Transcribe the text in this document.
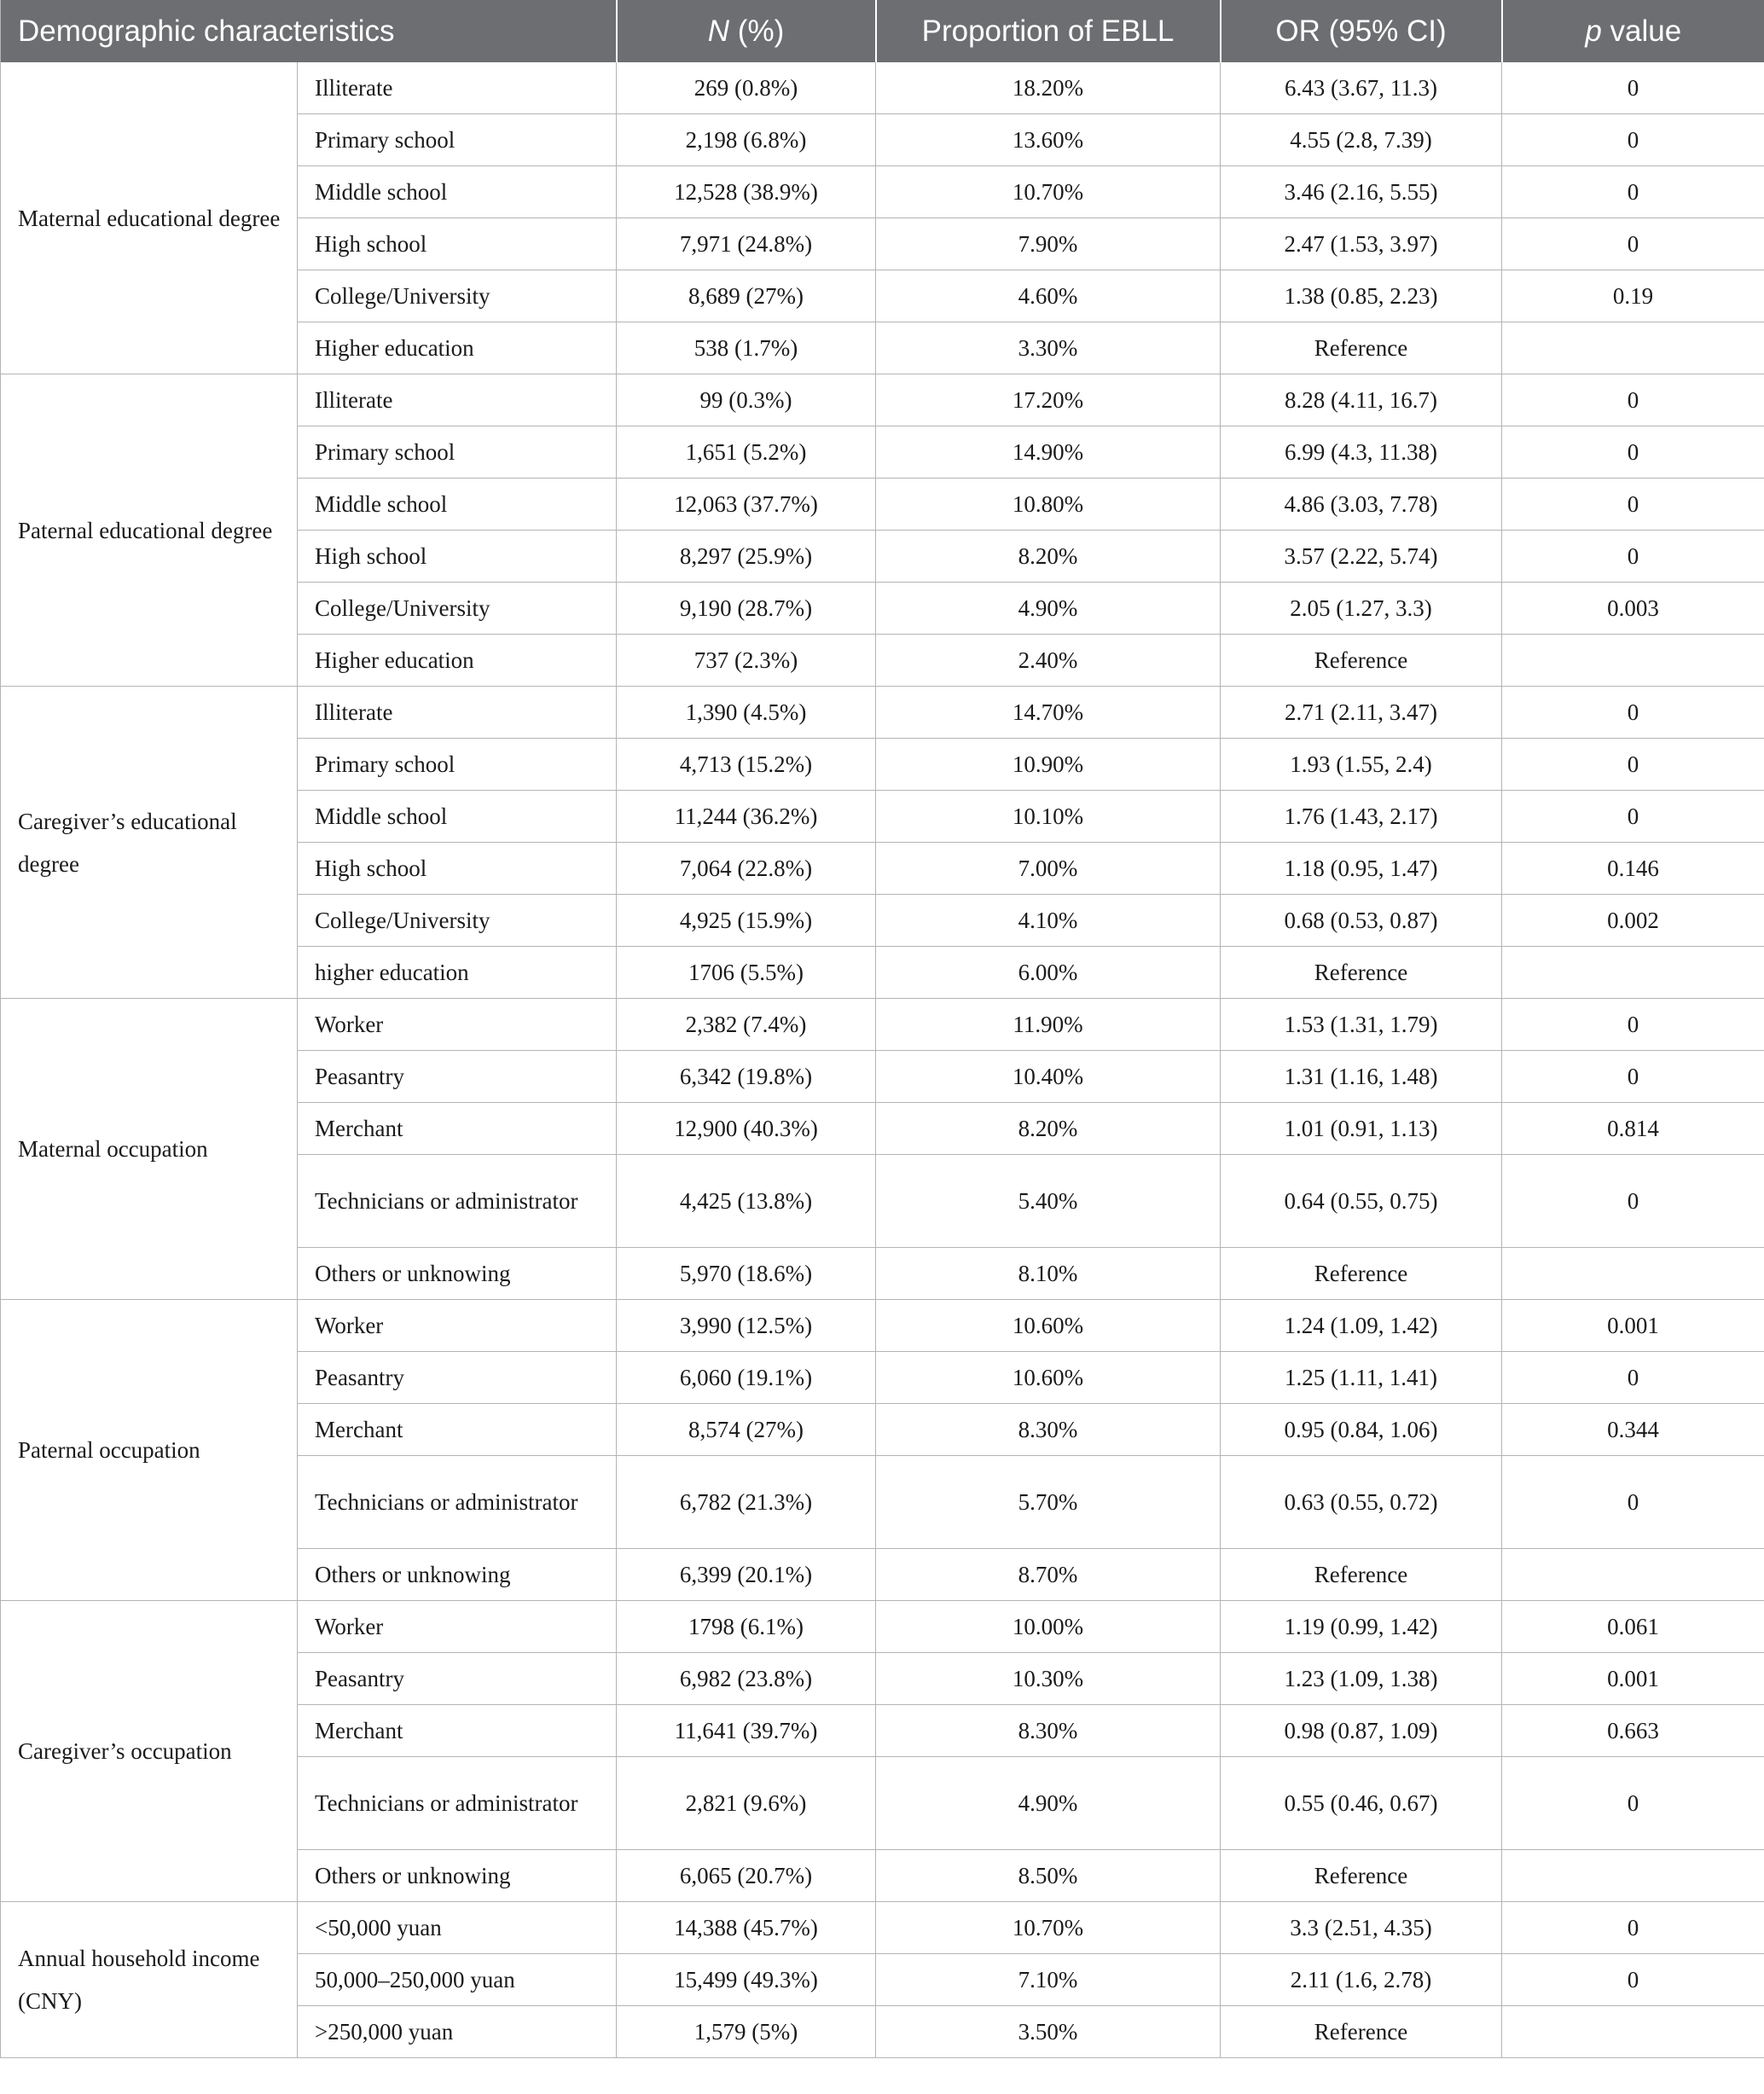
Demographic characteristics		N (%)	Proportion of EBLL	OR (95% CI)	p value
Maternal educational degree	Illiterate	269 (0.8%)	18.20%	6.43 (3.67, 11.3)	0
	Primary school	2,198 (6.8%)	13.60%	4.55 (2.8, 7.39)	0
	Middle school	12,528 (38.9%)	10.70%	3.46 (2.16, 5.55)	0
	High school	7,971 (24.8%)	7.90%	2.47 (1.53, 3.97)	0
	College/University	8,689 (27%)	4.60%	1.38 (0.85, 2.23)	0.19
	Higher education	538 (1.7%)	3.30%	Reference	
Paternal educational degree	Illiterate	99 (0.3%)	17.20%	8.28 (4.11, 16.7)	0
	Primary school	1,651 (5.2%)	14.90%	6.99 (4.3, 11.38)	0
	Middle school	12,063 (37.7%)	10.80%	4.86 (3.03, 7.78)	0
	High school	8,297 (25.9%)	8.20%	3.57 (2.22, 5.74)	0
	College/University	9,190 (28.7%)	4.90%	2.05 (1.27, 3.3)	0.003
	Higher education	737 (2.3%)	2.40%	Reference	
Caregiver’s educational degree	Illiterate	1,390 (4.5%)	14.70%	2.71 (2.11, 3.47)	0
	Primary school	4,713 (15.2%)	10.90%	1.93 (1.55, 2.4)	0
	Middle school	11,244 (36.2%)	10.10%	1.76 (1.43, 2.17)	0
	High school	7,064 (22.8%)	7.00%	1.18 (0.95, 1.47)	0.146
	College/University	4,925 (15.9%)	4.10%	0.68 (0.53, 0.87)	0.002
	higher education	1706 (5.5%)	6.00%	Reference	
Maternal occupation	Worker	2,382 (7.4%)	11.90%	1.53 (1.31, 1.79)	0
	Peasantry	6,342 (19.8%)	10.40%	1.31 (1.16, 1.48)	0
	Merchant	12,900 (40.3%)	8.20%	1.01 (0.91, 1.13)	0.814
	Technicians or administrator	4,425 (13.8%)	5.40%	0.64 (0.55, 0.75)	0
	Others or unknowing	5,970 (18.6%)	8.10%	Reference	
Paternal occupation	Worker	3,990 (12.5%)	10.60%	1.24 (1.09, 1.42)	0.001
	Peasantry	6,060 (19.1%)	10.60%	1.25 (1.11, 1.41)	0
	Merchant	8,574 (27%)	8.30%	0.95 (0.84, 1.06)	0.344
	Technicians or administrator	6,782 (21.3%)	5.70%	0.63 (0.55, 0.72)	0
	Others or unknowing	6,399 (20.1%)	8.70%	Reference	
Caregiver’s occupation	Worker	1798 (6.1%)	10.00%	1.19 (0.99, 1.42)	0.061
	Peasantry	6,982 (23.8%)	10.30%	1.23 (1.09, 1.38)	0.001
	Merchant	11,641 (39.7%)	8.30%	0.98 (0.87, 1.09)	0.663
	Technicians or administrator	2,821 (9.6%)	4.90%	0.55 (0.46, 0.67)	0
	Others or unknowing	6,065 (20.7%)	8.50%	Reference	
Annual household income (CNY)	<50,000 yuan	14,388 (45.7%)	10.70%	3.3 (2.51, 4.35)	0
	50,000–250,000 yuan	15,499 (49.3%)	7.10%	2.11 (1.6, 2.78)	0
	>250,000 yuan	1,579 (5%)	3.50%	Reference	
